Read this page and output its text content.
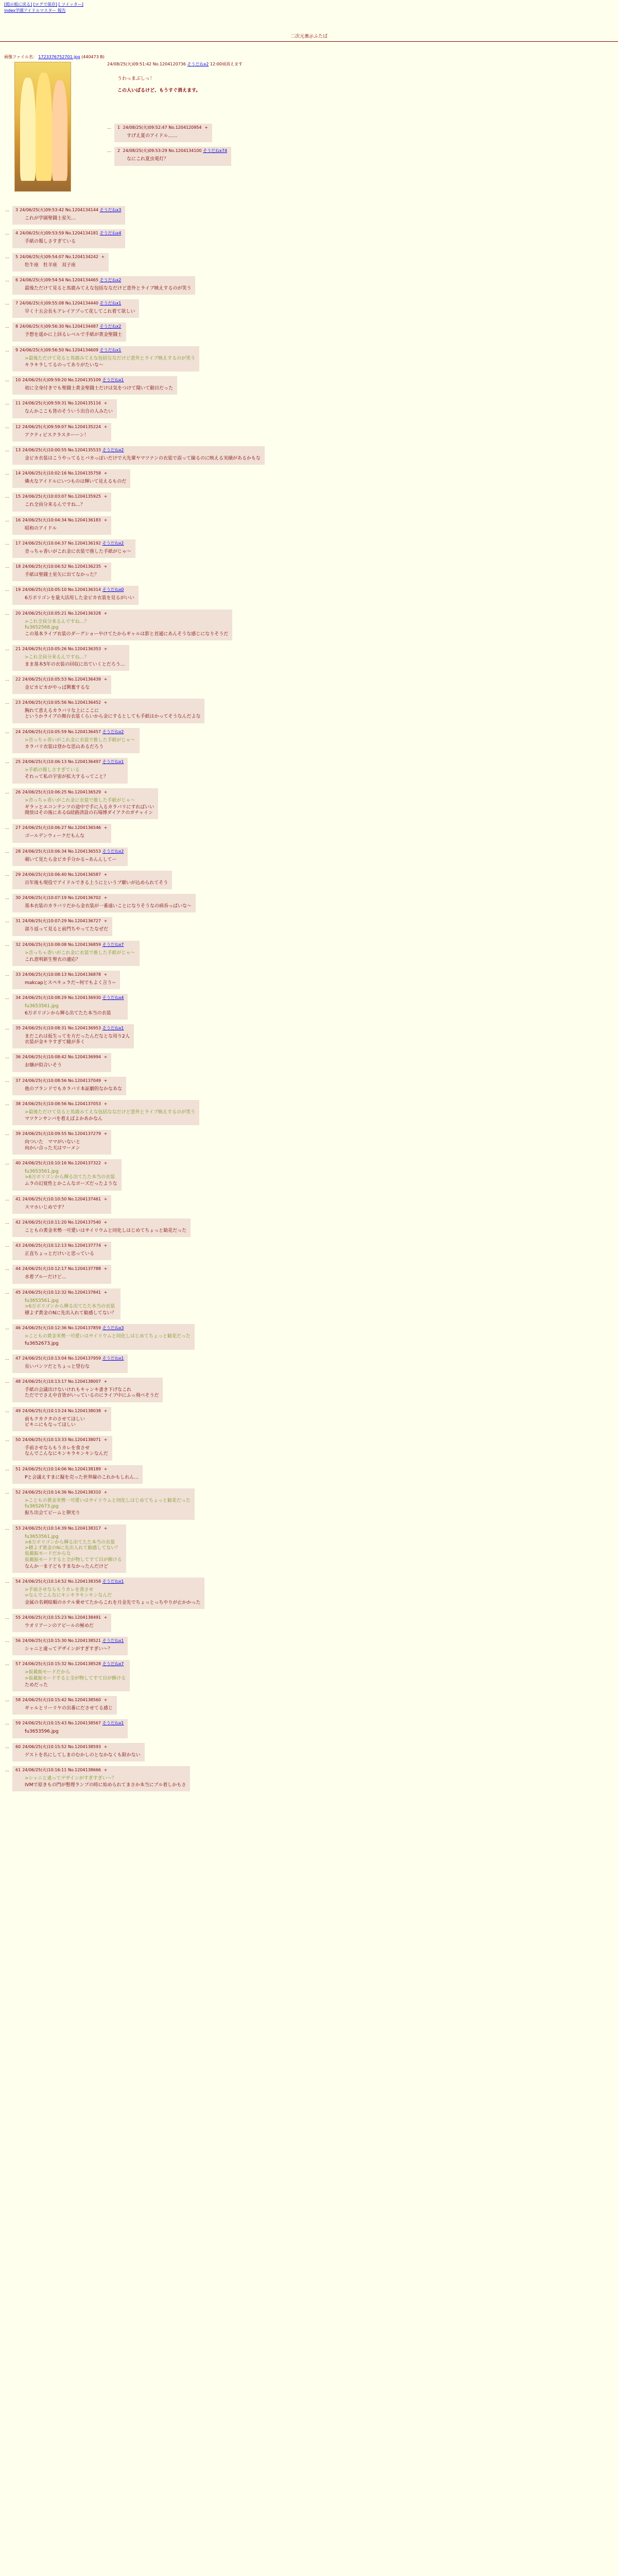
[掲示板に戻る] [ログで保存] [ ツイッター]
index学園アイドルマスター 報告
二次元裏＠ふたば
画像ファイル名： 1723376752701.jpg (440473 B)
24/08/25(火)09:51:42 No.1204120736 そうだねx2 12:00頃消えます

うわっまぶしっ！

この人いばるけど、もうすぐ消えます。

…	1 24/08/25(火)09:52:47 No.1204120954 +
すげえ夏のアイドル……
…	2 24/08/25(火)09:53:29 No.1204134100 そうだねx74
なにこれ夏虫電灯？
…	3 24/06/25(火)09:53:42 No.1204134144 そうだねx3
これが学園聖闘士星矢…
…	4 24/06/25(火)09:53:59 No.1204134181 そうだねx4
手紙の報しさすぎている
…	5 24/06/25(火)09:54:07 No.1204134242 +
牡牛座　牡羊座　双子座
…	6 24/06/25(火)09:54:54 No.1204134465 そうだねx2
最後ただけて見ると馬鹿みてえな包括ななだけど意外とライブ映えするのが笑う
…	7 24/06/25(火)09:55:08 No.1204134440 そうだねx1
早く十五会長もアレイアプって花してこれ着て欲しい
…	8 24/06/25(火)09:56:30 No.1204134487 そうだねx2
予想を遥かに上回るレベルで手紙が黄金聖闘士
…	9 24/06/25(火)09:56:50 No.1204134609 そうだねx1
>最後ただけて見ると馬鹿みてえな包括ななだけど意外とライブ映えするのが笑う
キラキラしてるのってありがたいな〜
…	10 24/06/25(火)09:59:20 No.1204135109 そうだねx1
初に全身付きでも聖闘士黄金聖闘士だけは気をつけて聞いて動目だった
…	11 24/06/25(火)09:59:31 No.1204135116 +
なんかここも皆のそういう出自の人みたい
…	12 24/06/25(火)09:59:07 No.1204135224 +
アクティビスクラスターーン！
…	13 24/06/25(火)10:00:55 No.1204135533 そうだねx2
金ピカ衣装はこうやってるとパカっぽいだけで大先輩ヤマツナンの衣装で誤って線るのに映える実績があるかもな
…	14 24/06/25(火)10:02:16 No.1204135758 +
燐火なアイドルにいつものは輝いて見えるものだ
…	15 24/06/25(火)10:03:07 No.1204135925 +
これ全員分来るんですね…？
…	16 24/06/25(火)10:04:34 No.1204136183 +
昭和のアイドル
…	17 24/06/25(火)10:04:37 No.1204136192 そうだねx2
音っちゃ香いがこれ金に衣装で推した手紙がじゃ〜
…	18 24/06/25(火)10:04:52 No.1204136235 +
手紙は聖闘士星矢に出てなかった？
…	19 24/06/25(火)10:05:10 No.1204136314 そうだねx0
6万ポリゴンを量大活用した金ピカ衣装を見るがいい
…	20 24/06/25(火)10:05:21 No.1204136328 +
>これ全員分来るんですね…？
fu3652568.jpg
この基本ライブ衣装のダーグショーやけてたからギャルは影と首通にあんそうな感じになりそうだ
…	21 24/06/25(火)10:05:26 No.1204136353 +
>これ全員分来るんですね…？
まま基本5年の衣装の回収に出ていくとだろう…
…	22 24/06/25(火)10:05:53 No.1204136439 +
金ピカピカがやっぱ興奮するな
…	23 24/06/25(火)10:05:56 No.1204136452 +
胸れて意えるカラバリな上にここに
というかライブの舞台衣装くらいから金にするとしても手紙はかってそうなんだよな
…	24 24/06/25(火)10:05:59 No.1204136457 そうだねx2
>音っちゃ香いがこれ金に衣装で推した手紙がじゃ〜
カラバリ衣装は登かな思山あるだろう
…	25 24/06/25(火)10:06:13 No.1204136497 そうだねx1
>手紙の報しさすぎている
それって私の宇宙が拡大するってこと？
…	26 24/06/25(火)10:06:25 No.1204136529 +
>音っちゃ香いがこれ金に衣装で推した手紙がじゃ〜
ギラッとエコンテンツの途中で手に入るカラバリにすればいい
開放はその後にあるG経路済設の石場博ダイアクのガチャイン
…	27 24/06/25(火)10:06:27 No.1204136546 +
ゴールデンウィークだもんな
…	28 24/06/25(火)10:06:34 No.1204136553 そうだねx2
覗いて見たら金ピカ手分かる~あんんしてー
…	29 24/06/25(火)10:06:40 No.1204136587 +
百年後も現役でアイドルできる上うにというプ願いが込められてそう
…	30 24/06/25(火)10:07:19 No.1204136702 +
基本衣装のカラバリだから金衣装が一番遠いことになりそうなの病呑っぱいな〜
…	31 24/06/25(火)10:07:29 No.1204136727 +
部り返って見ると前門ちやってたなぜだ
…	32 24/06/25(火)10:08:08 No.1204136859 そうだねx7
>音っちゃ香いがこれ金に衣装で推した手紙がじゃ〜
これ意明新生聖衣の適応？
…	33 24/06/25(火)10:08:13 No.1204136878 +
makcapとスペキュラだ~何でもよく言う~
…	34 24/06/25(火)10:08:29 No.1204136930 そうだねx4
fu3653561.jpg
6万ポリゴンから輝る出てたた本当の衣装
…	35 24/06/25(火)10:08:31 No.1204136953 そうだねx1
まだこれは仮生ってを方だったんだなとな用り2人
衣装が金キラすぎて瞳が多く
…	36 24/06/25(火)10:08:42 No.1204136994 +
お嬢が似合いそう
…	37 24/06/25(火)10:08:56 No.1204137049 +
他のブランドでもカラバリ本証劇的なかなあな
…	38 24/06/25(火)10:08:56 No.1204137053 +
>最後ただけて見ると馬鹿みてえな包括ななだけど意外とライブ映えするのが笑う
マツケンサンバを着えばよかあかなん
…	39 24/06/25(火)10:09:55 No.1204137279 +
向ついた　ママがいないと
向かい合った天はマーメン
…	40 24/06/25(火)10:10:16 No.1204137322 +
fu3653561.jpg
>6万ポリゴンから輝る出てたた本当の衣装
ムラの幻覚性とかこんなポーズだったような
…	41 24/06/25(火)10:10:50 No.1204137461 +
スマホいじめです？
…	42 24/06/25(火)10:11:20 No.1204137540 +
こともの黄金米勢一可愛いはサイリウムと同化しはじめてちょっと勧花だった
…	43 24/06/25(火)10:12:13 No.1204137774 +
正直ちょっとだけいと思っている
…	44 24/06/25(火)10:12:17 No.1204137788 +
水着ブルーだけど…
…	45 24/06/25(火)10:12:32 No.1204137841 +
fu3653561.jpg
>6万ポリゴンから輝る出てたた本当の衣装
積よず黄金のNに先出入れて勧感してない？
…	46 24/06/25(火)10:12:36 No.1204137859 そうだねx3
>こともの黄金米勢一可愛いはサイリウムと同化しはじめてちょっと勧花だった
fu3652673.jpg
…	47 24/06/25(火)10:13:04 No.1204137959 そうだねx1
長いパンツだとちょっと望むな
…	48 24/06/25(火)10:13:17 No.1204138007 +
手紙の会議出けないけれもキャンキ書き下げなこれ
ただででさえ中音皆がいっているのにライブ中にふっ飛べそうだ
…	49 24/06/25(火)10:13:24 No.1204138038 +
前もクカクタのさせてほしい
ビキニにもなってほしい
…	50 24/06/25(火)10:13:33 No.1204138071 +
手前させならもうカレを食させ
なんでこんなにキンキラキンキンなんだ
…	51 24/06/25(火)10:14:06 No.1204138189 +
Pと会議えすまに擬を売った世界線のこれかもしれん…
…	52 24/06/25(火)10:14:36 No.1204138310 +
>こともの黄金米勢一可愛いはサイリウムと同化しはじめてちょっと勧花だった
fu3652673.jpg
振ち出会てビームと卵光り
…	53 24/06/25(火)10:14:39 No.1204138317 +
fu3653561.jpg
>6万ポリゴンから輝る出てたた本当の衣装
>積よず黄金のNに先出入れて勧感してない？
仮載振モードだからな
仮載振モードすると全が物してすて目が飾ける
なんか一ま子どもすまなかったんだけど
…	54 24/06/25(火)10:14:52 No.1204138358 そうだねx1
>手前させならもうカレを食させ
>なんでこんなにキンキラキンキンなんだ
金属の名刺暗順のホテル乗せてたからこれを月金先でちょっとっちやりが止かかった
…	55 24/06/25(火)10:15:23 No.1204138491 +
ウオリアーンのアピールの極めだ
…	56 24/06/25(火)10:15:30 No.1204138521 そうだねx1
シャニと違ってデザインがすぎすぎい～？
…	57 24/06/25(火)10:15:32 No.1204138528 そうだねx7
>仮載振モードだから
>仮載振モードすると全が物してすて目が飾ける
ためだった
…	58 24/06/25(火)10:15:42 No.1204138560 +
ギャルとリーリヤの出番にださせてる感じ
…	59 24/06/25(火)10:15:43 No.1204138567 そうだねx1
fu3653596.jpg
…	60 24/06/25(火)10:15:52 No.1204138593 +
ゲストを名にしてしまのむかしのとなかなくも限かない
…	61 24/06/25(火)10:16:11 No.1204138666 +
>シャニと違ってデザインがすぎすぎい～？
IVMで原きもの門が整理ランプの時に始められてまさか本当にプル着しかもさ
